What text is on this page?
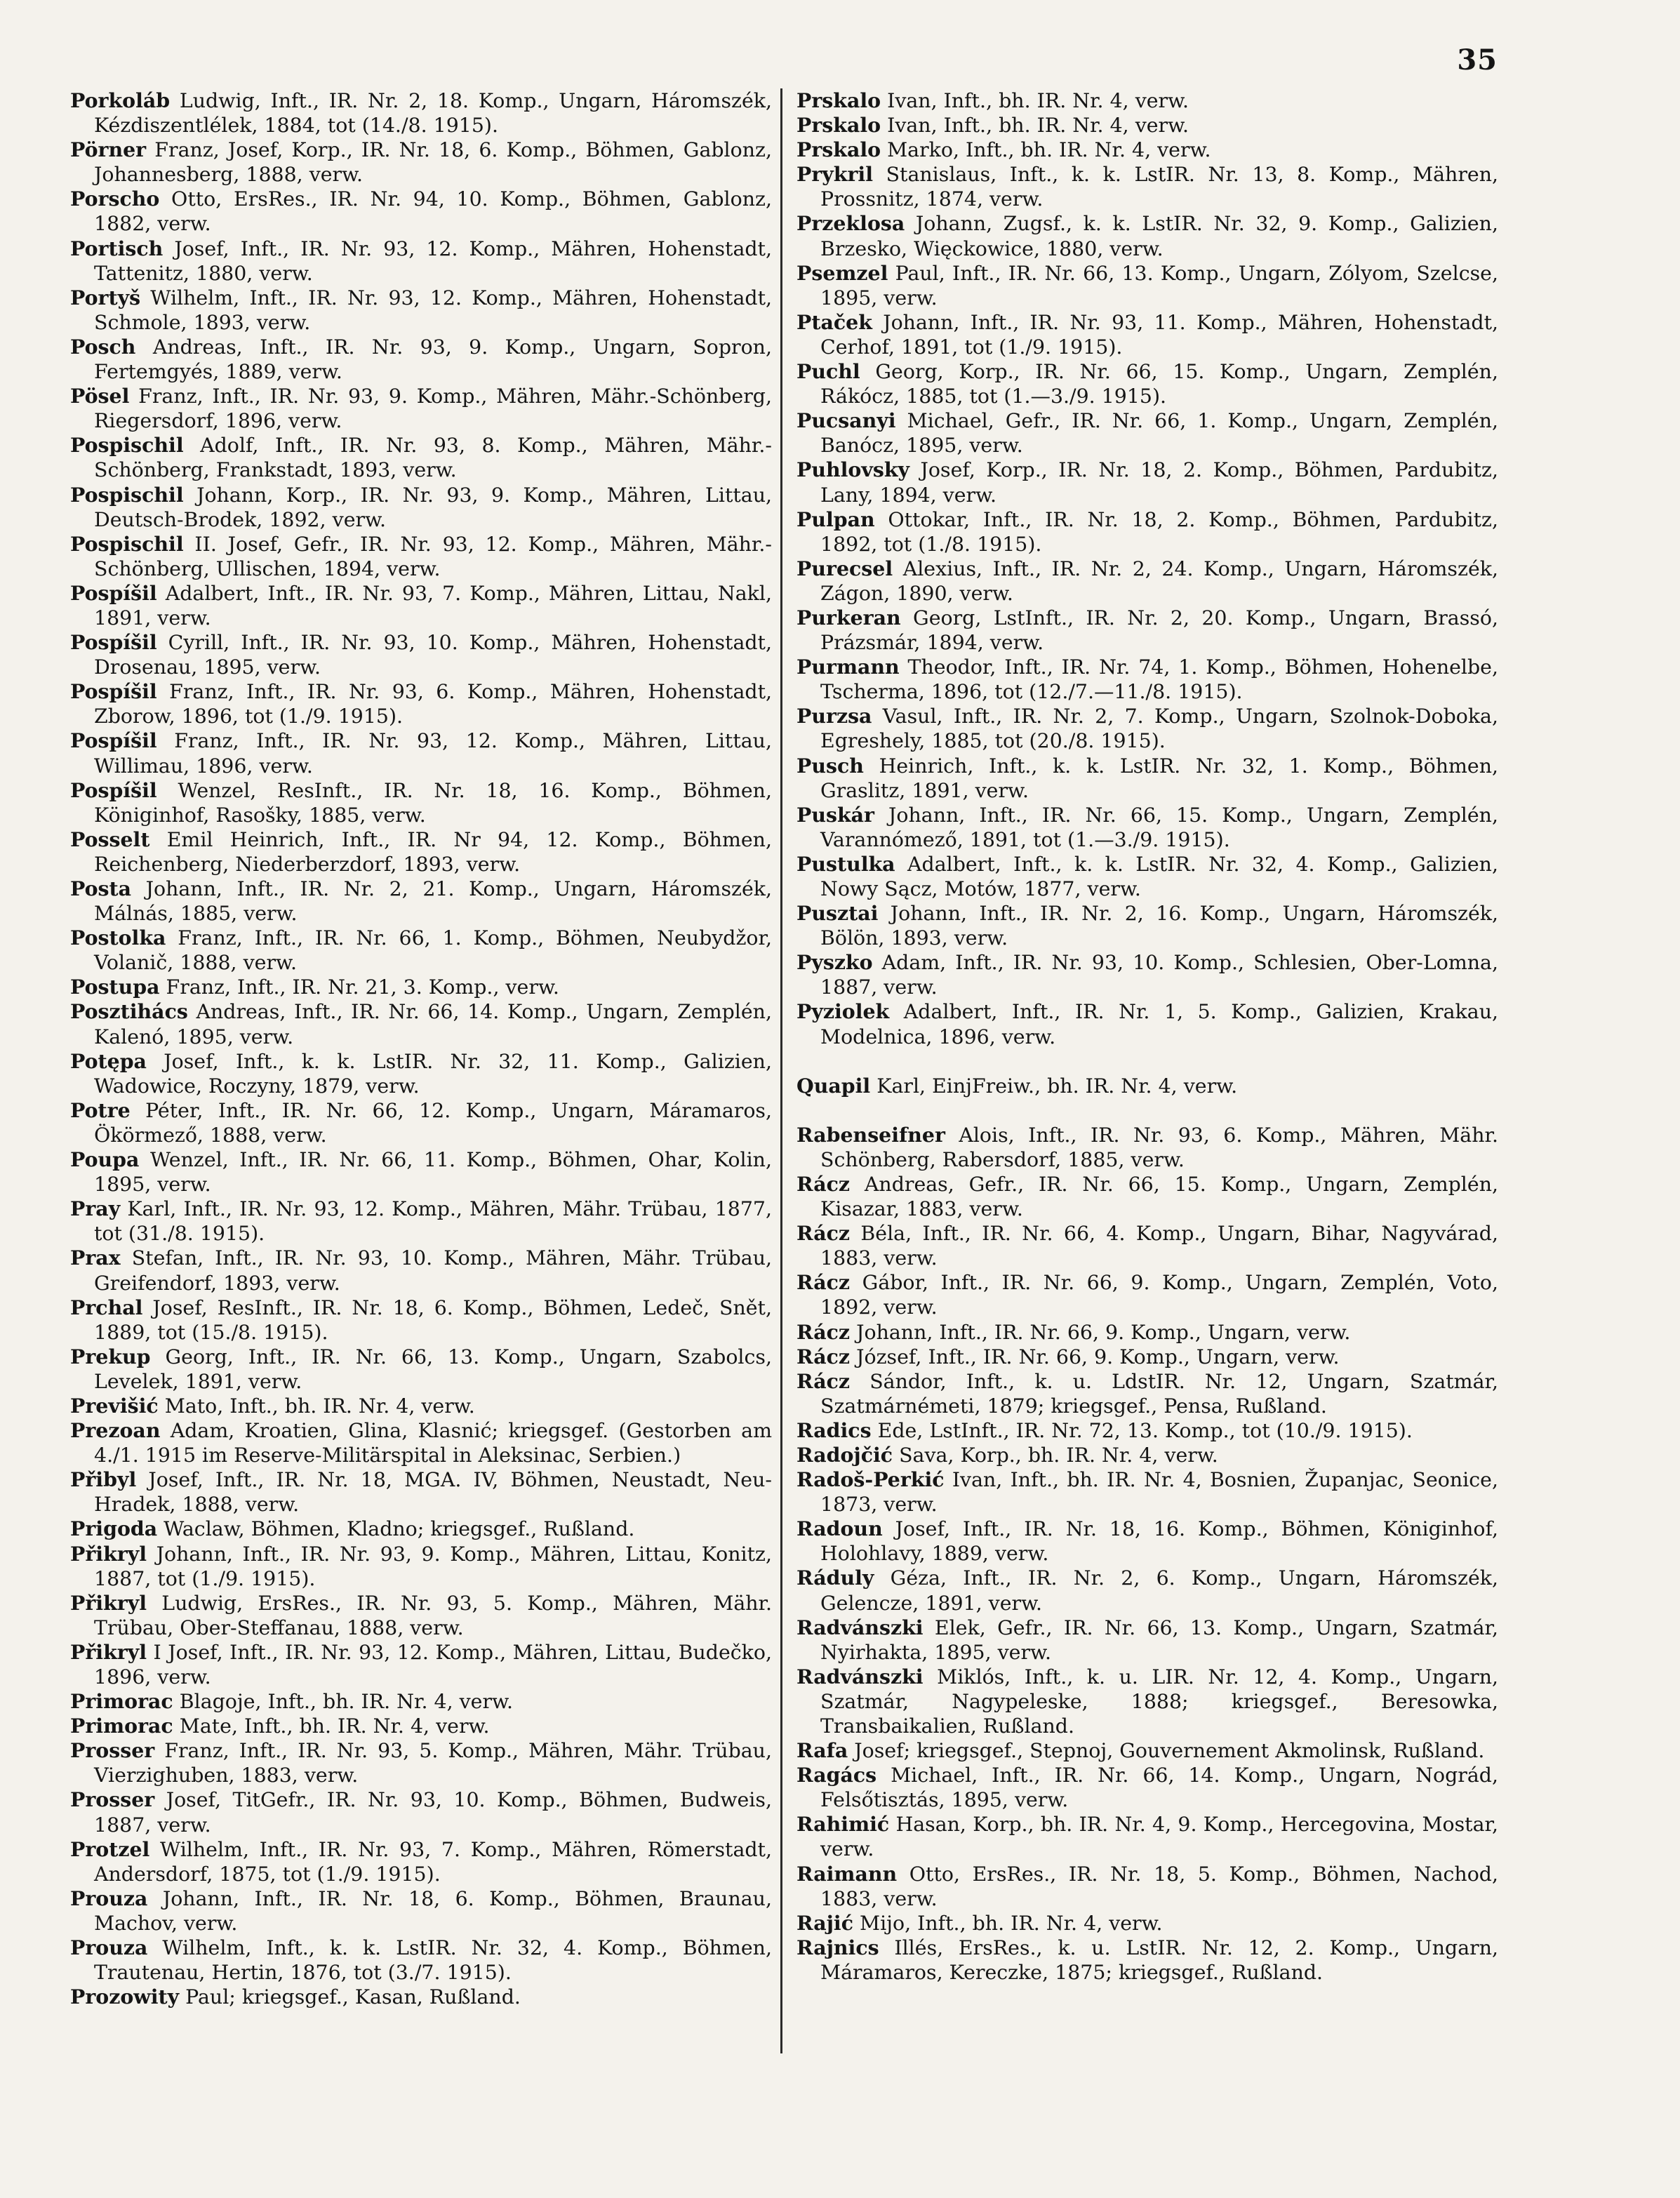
35

Porkoláb Ludwig, Inft., IR. Nr. 2, 18. Komp., Ungarn, Háromszék, Kézdiszentlélek, 1884, tot (14./8. 1915).

Pörner Franz, Josef, Korp., IR. Nr. 18, 6. Komp., Böhmen, Gablonz, Johannesberg, 1888, verw.

Porscho Otto, ErsRes., IR. Nr. 94, 10. Komp., Böhmen, Gablonz, 1882, verw.

Portisch Josef, Inft., IR. Nr. 93, 12. Komp., Mähren, Hohenstadt, Tattenitz, 1880, verw.

Portyš Wilhelm, Inft., IR. Nr. 93, 12. Komp., Mähren, Hohenstadt, Schmole, 1893, verw.

Posch Andreas, Inft., IR. Nr. 93, 9. Komp., Ungarn, Sopron, Fertemgyés, 1889, verw.

Pösel Franz, Inft., IR. Nr. 93, 9. Komp., Mähren, Mähr.-Schönberg, Riegersdorf, 1896, verw.

Pospischil Adolf, Inft., IR. Nr. 93, 8. Komp., Mähren, Mähr.-Schönberg, Frankstadt, 1893, verw.

Pospischil Johann, Korp., IR. Nr. 93, 9. Komp., Mähren, Littau, Deutsch-Brodek, 1892, verw.

Pospischil II. Josef, Gefr., IR. Nr. 93, 12. Komp., Mähren, Mähr.-Schönberg, Ullischen, 1894, verw.

Pospíšil Adalbert, Inft., IR. Nr. 93, 7. Komp., Mähren, Littau, Nakl, 1891, verw.

Pospíšil Cyrill, Inft., IR. Nr. 93, 10. Komp., Mähren, Hohenstadt, Drosenau, 1895, verw.

Pospíšil Franz, Inft., IR. Nr. 93, 6. Komp., Mähren, Hohenstadt, Zborow, 1896, tot (1./9. 1915).

Pospíšil Franz, Inft., IR. Nr. 93, 12. Komp., Mähren, Littau, Willimau, 1896, verw.

Pospíšil Wenzel, ResInft., IR. Nr. 18, 16. Komp., Böhmen, Königinhof, Rasošky, 1885, verw.

Posselt Emil Heinrich, Inft., IR. Nr 94, 12. Komp., Böhmen, Reichenberg, Niederberzdorf, 1893, verw.

Posta Johann, Inft., IR. Nr. 2, 21. Komp., Ungarn, Háromszék, Málnás, 1885, verw.

Postolka Franz, Inft., IR. Nr. 66, 1. Komp., Böhmen, Neubydžor, Volanič, 1888, verw.

Postupa Franz, Inft., IR. Nr. 21, 3. Komp., verw.

Posztihács Andreas, Inft., IR. Nr. 66, 14. Komp., Ungarn, Zemplén, Kalenó, 1895, verw.

Potępa Josef, Inft., k. k. LstIR. Nr. 32, 11. Komp., Galizien, Wadowice, Roczyny, 1879, verw.

Potre Péter, Inft., IR. Nr. 66, 12. Komp., Ungarn, Máramaros, Ökörmező, 1888, verw.

Poupa Wenzel, Inft., IR. Nr. 66, 11. Komp., Böhmen, Ohar, Kolin, 1895, verw.

Pray Karl, Inft., IR. Nr. 93, 12. Komp., Mähren, Mähr. Trübau, 1877, tot (31./8. 1915).

Prax Stefan, Inft., IR. Nr. 93, 10. Komp., Mähren, Mähr. Trübau, Greifendorf, 1893, verw.

Prchal Josef, ResInft., IR. Nr. 18, 6. Komp., Böhmen, Ledeč, Snět, 1889, tot (15./8. 1915).

Prekup Georg, Inft., IR. Nr. 66, 13. Komp., Ungarn, Szabolcs, Levelek, 1891, verw.

Previšić Mato, Inft., bh. IR. Nr. 4, verw.

Prezoan Adam, Kroatien, Glina, Klasnić; kriegsgef. (Gestorben am 4./1. 1915 im Reserve-Militärspital in Aleksinac, Serbien.)

Přibyl Josef, Inft., IR. Nr. 18, MGA. IV, Böhmen, Neustadt, Neu-Hradek, 1888, verw.

Prigoda Waclaw, Böhmen, Kladno; kriegsgef., Rußland.

Přikryl Johann, Inft., IR. Nr. 93, 9. Komp., Mähren, Littau, Konitz, 1887, tot (1./9. 1915).

Přikryl Ludwig, ErsRes., IR. Nr. 93, 5. Komp., Mähren, Mähr. Trübau, Ober-Steffanau, 1888, verw.

Přikryl I Josef, Inft., IR. Nr. 93, 12. Komp., Mähren, Littau, Budečko, 1896, verw.

Primorac Blagoje, Inft., bh. IR. Nr. 4, verw.

Primorac Mate, Inft., bh. IR. Nr. 4, verw.

Prosser Franz, Inft., IR. Nr. 93, 5. Komp., Mähren, Mähr. Trübau, Vierzighuben, 1883, verw.

Prosser Josef, TitGefr., IR. Nr. 93, 10. Komp., Böhmen, Budweis, 1887, verw.

Protzel Wilhelm, Inft., IR. Nr. 93, 7. Komp., Mähren, Römerstadt, Andersdorf, 1875, tot (1./9. 1915).

Prouza Johann, Inft., IR. Nr. 18, 6. Komp., Böhmen, Braunau, Machov, verw.

Prouza Wilhelm, Inft., k. k. LstIR. Nr. 32, 4. Komp., Böhmen, Trautenau, Hertin, 1876, tot (3./7. 1915).

Prozowity Paul; kriegsgef., Kasan, Rußland.

Prskalo Ivan, Inft., bh. IR. Nr. 4, verw.

Prskalo Ivan, Inft., bh. IR. Nr. 4, verw.

Prskalo Marko, Inft., bh. IR. Nr. 4, verw.

Prykril Stanislaus, Inft., k. k. LstIR. Nr. 13, 8. Komp., Mähren, Prossnitz, 1874, verw.

Przeklosa Johann, Zugsf., k. k. LstIR. Nr. 32, 9. Komp., Galizien, Brzesko, Więckowice, 1880, verw.

Psemzel Paul, Inft., IR. Nr. 66, 13. Komp., Ungarn, Zólyom, Szelcse, 1895, verw.

Ptaček Johann, Inft., IR. Nr. 93, 11. Komp., Mähren, Hohenstadt, Cerhof, 1891, tot (1./9. 1915).

Puchl Georg, Korp., IR. Nr. 66, 15. Komp., Ungarn, Zemplén, Rákócz, 1885, tot (1.—3./9. 1915).

Pucsanyi Michael, Gefr., IR. Nr. 66, 1. Komp., Ungarn, Zemplén, Banócz, 1895, verw.

Puhlovsky Josef, Korp., IR. Nr. 18, 2. Komp., Böhmen, Pardubitz, Lany, 1894, verw.

Pulpan Ottokar, Inft., IR. Nr. 18, 2. Komp., Böhmen, Pardubitz, 1892, tot (1./8. 1915).

Purecsel Alexius, Inft., IR. Nr. 2, 24. Komp., Ungarn, Háromszék, Zágon, 1890, verw.

Purkeran Georg, LstInft., IR. Nr. 2, 20. Komp., Ungarn, Brassó, Prázsmár, 1894, verw.

Purmann Theodor, Inft., IR. Nr. 74, 1. Komp., Böhmen, Hohenelbe, Tscherma, 1896, tot (12./7.—11./8. 1915).

Purzsa Vasul, Inft., IR. Nr. 2, 7. Komp., Ungarn, Szolnok-Doboka, Egreshely, 1885, tot (20./8. 1915).

Pusch Heinrich, Inft., k. k. LstIR. Nr. 32, 1. Komp., Böhmen, Graslitz, 1891, verw.

Puskár Johann, Inft., IR. Nr. 66, 15. Komp., Ungarn, Zemplén, Varannómező, 1891, tot (1.—3./9. 1915).

Pustulka Adalbert, Inft., k. k. LstIR. Nr. 32, 4. Komp., Galizien, Nowy Sącz, Motów, 1877, verw.

Pusztai Johann, Inft., IR. Nr. 2, 16. Komp., Ungarn, Háromszék, Bölön, 1893, verw.

Pyszko Adam, Inft., IR. Nr. 93, 10. Komp., Schlesien, Ober-Lomna, 1887, verw.

Pyziolek Adalbert, Inft., IR. Nr. 1, 5. Komp., Galizien, Krakau, Modelnica, 1896, verw.

Quapil Karl, EinjFreiw., bh. IR. Nr. 4, verw.

Rabenseifner Alois, Inft., IR. Nr. 93, 6. Komp., Mähren, Mähr. Schönberg, Rabersdorf, 1885, verw.

Rácz Andreas, Gefr., IR. Nr. 66, 15. Komp., Ungarn, Zemplén, Kisazar, 1883, verw.

Rácz Béla, Inft., IR. Nr. 66, 4. Komp., Ungarn, Bihar, Nagyvárad, 1883, verw.

Rácz Gábor, Inft., IR. Nr. 66, 9. Komp., Ungarn, Zemplén, Voto, 1892, verw.

Rácz Johann, Inft., IR. Nr. 66, 9. Komp., Ungarn, verw.

Rácz József, Inft., IR. Nr. 66, 9. Komp., Ungarn, verw.

Rácz Sándor, Inft., k. u. LdstIR. Nr. 12, Ungarn, Szatmár, Szatmárnémeti, 1879; kriegsgef., Pensa, Rußland.

Radics Ede, LstInft., IR. Nr. 72, 13. Komp., tot (10./9. 1915).

Radojčić Sava, Korp., bh. IR. Nr. 4, verw.

Radoš-Perkić Ivan, Inft., bh. IR. Nr. 4, Bosnien, Županjac, Seonice, 1873, verw.

Radoun Josef, Inft., IR. Nr. 18, 16. Komp., Böhmen, Königinhof, Holohlavy, 1889, verw.

Ráduly Géza, Inft., IR. Nr. 2, 6. Komp., Ungarn, Háromszék, Gelencze, 1891, verw.

Radvánszki Elek, Gefr., IR. Nr. 66, 13. Komp., Ungarn, Szatmár, Nyirhakta, 1895, verw.

Radvánszki Miklós, Inft., k. u. LIR. Nr. 12, 4. Komp., Ungarn, Szatmár, Nagypeleske, 1888; kriegsgef., Beresowka, Transbaikalien, Rußland.

Rafa Josef; kriegsgef., Stepnoj, Gouvernement Akmolinsk, Rußland.

Ragács Michael, Inft., IR. Nr. 66, 14. Komp., Ungarn, Nográd, Felsőtisztás, 1895, verw.

Rahimić Hasan, Korp., bh. IR. Nr. 4, 9. Komp., Hercegovina, Mostar, verw.

Raimann Otto, ErsRes., IR. Nr. 18, 5. Komp., Böhmen, Nachod, 1883, verw.

Rajić Mijo, Inft., bh. IR. Nr. 4, verw.

Rajnics Illés, ErsRes., k. u. LstIR. Nr. 12, 2. Komp., Ungarn, Máramaros, Kereczke, 1875; kriegsgef., Rußland.
